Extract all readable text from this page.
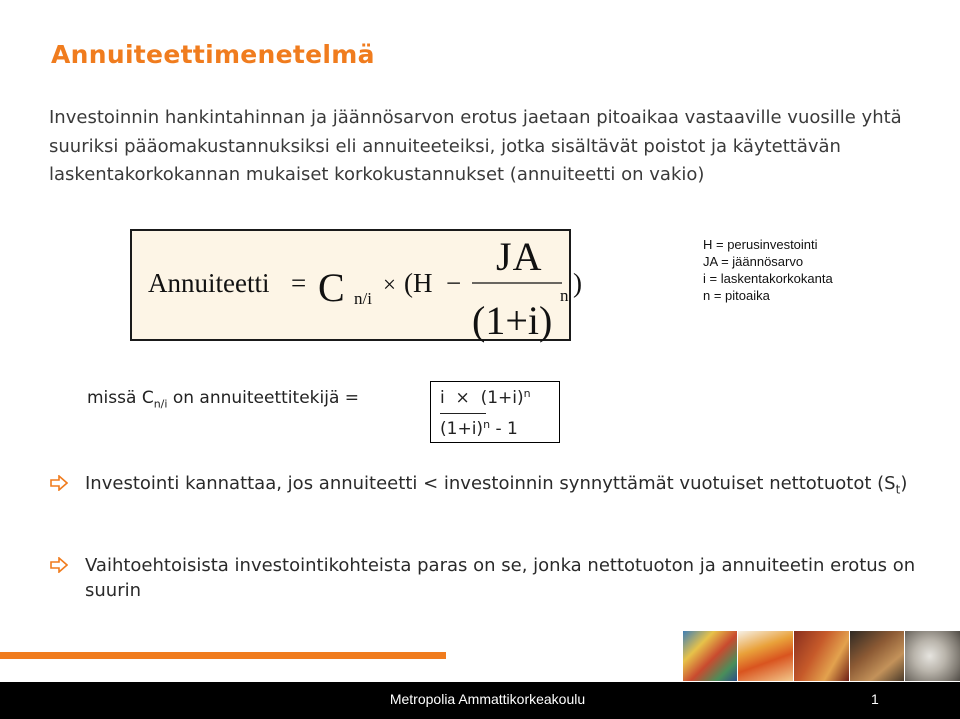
Annuiteettimenetelmä

Investoinnin hankintahinnan ja jäännösarvon erotus jaetaan pitoaikaa vastaaville vuosille yhtä suuriksi pääomakustannuksiksi eli annuiteeteiksi, jotka sisältävät poistot ja käytettävän laskentakorkokannan mukaiset korkokustannukset (annuiteetti on vakio)

Annuiteetti = C n/i
× (H −
JA
(1+i)
n )
H = perusinvestointi
JA = jäännösarvo
i = laskentakorkokanta
n = pitoaika
missä $C_{n/i}$ on annuiteettitekijä =	$i \times (1+i)^n$
$(1+i)^n - 1$
Investointi kannattaa, jos annuiteetti < investoinnin synnyttämät vuotuiset nettotuotot $(S_t)$
Vaihtoehtoisista investointikohteista paras on se, jonka nettotuoton ja annuiteetin erotus on suurin
Metropolia Ammattikorkeakoulu	1
